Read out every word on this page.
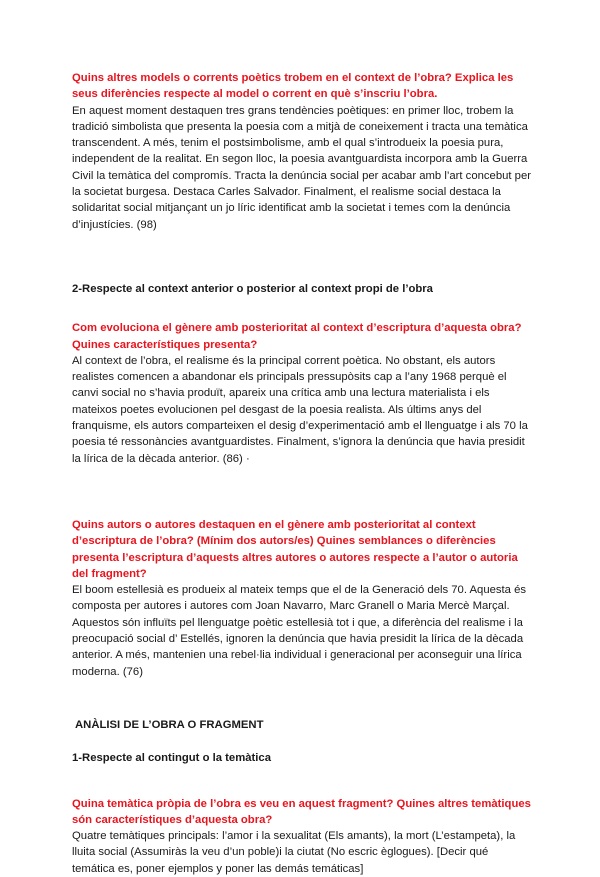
Quins altres models o corrents poètics trobem en el context de l’obra? Explica les seus diferències respecte al model o corrent en què s’inscriu l’obra.

En aquest moment destaquen tres grans tendències poètiques: en primer lloc, trobem la tradició simbolista que presenta la poesia com a mitjà de coneixement i tracta una temàtica transcendent. A més, tenim el postsimbolisme, amb el qual s’introdueix la poesia pura, independent de la realitat. En segon lloc, la poesia avantguardista incorpora amb la Guerra Civil la temàtica del compromís. Tracta la denúncia social per acabar amb l’art concebut per la societat burgesa. Destaca Carles Salvador. Finalment, el realisme social destaca la solidaritat social mitjançant un jo líric identificat amb la societat i temes com la denúncia d’injustícies. (98)

2-Respecte al context anterior o posterior al context propi de l’obra

Com evoluciona el gènere amb posterioritat al context d’escriptura d’aquesta obra? Quines característiques presenta?

Al context de l’obra, el realisme és la principal corrent poètica. No obstant, els autors realistes comencen a abandonar els principals pressupòsits cap a l’any 1968 perquè el canvi social no s’havia produït, apareix una crítica amb una lectura materialista i els mateixos poetes evolucionen pel desgast de la poesia realista. Als últims anys del franquisme, els autors comparteixen el desig d’experimentació amb el llenguatge i als 70 la poesia té ressonàncies avantguardistes. Finalment, s’ignora la denúncia que havia presidit la lírica de la dècada anterior. (86) ·

Quins autors o autores destaquen en el gènere amb posterioritat al context d’escriptura de l’obra? (Mínim dos autors/es) Quines semblances o diferències presenta l’escriptura d’aquests altres autores o autores respecte a l’autor o autoria del fragment?

El boom estellesià es produeix al mateix temps que el de la Generació dels 70. Aquesta és composta per autores i autores com Joan Navarro, Marc Granell o Maria Mercè Marçal. Aquestos són influïts pel llenguatge poètic estellesià tot i que, a diferència del realisme i la preocupació social d’ Estellés, ignoren la denúncia que havia presidit la lírica de la dècada anterior. A més, mantenien una rebel·lia individual i generacional per aconseguir una lírica moderna. (76)

ANÀLISI DE L’OBRA O FRAGMENT

1-Respecte al contingut o la temàtica

Quina temàtica pròpia de l’obra es veu en aquest fragment? Quines altres temàtiques són característiques d’aquesta obra?

Quatre temàtiques principals: l’amor i la sexualitat (Els amants), la mort (L’estampeta), la lluita social (Assumiràs la veu d’un poble)i la ciutat (No escric èglogues). [Decir qué temática es, poner ejemplos y poner las demás temáticas]
